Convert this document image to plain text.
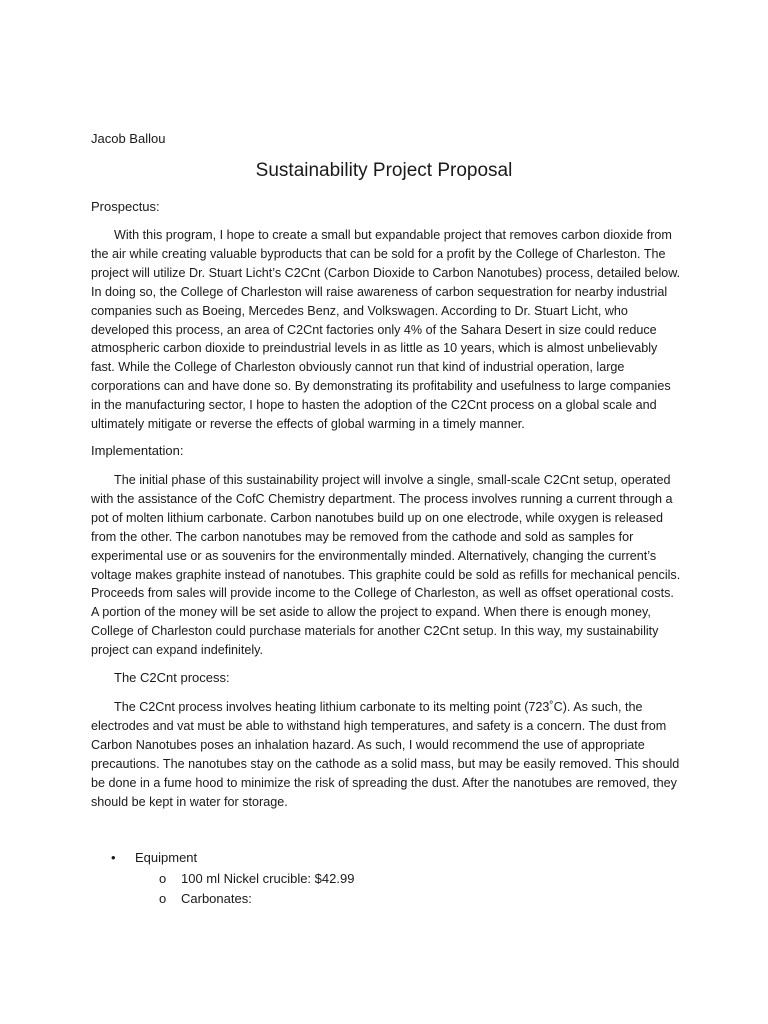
Jacob Ballou
Sustainability Project Proposal
Prospectus:
With this program, I hope to create a small but expandable project that removes carbon dioxide from the air while creating valuable byproducts that can be sold for a profit by the College of Charleston. The project will utilize Dr. Stuart Licht’s C2Cnt (Carbon Dioxide to Carbon Nanotubes) process, detailed below. In doing so, the College of Charleston will raise awareness of carbon sequestration for nearby industrial companies such as Boeing, Mercedes Benz, and Volkswagen. According to Dr. Stuart Licht, who developed this process, an area of C2Cnt factories only 4% of the Sahara Desert in size could reduce atmospheric carbon dioxide to preindustrial levels in as little as 10 years, which is almost unbelievably fast. While the College of Charleston obviously cannot run that kind of industrial operation, large corporations can and have done so. By demonstrating its profitability and usefulness to large companies in the manufacturing sector, I hope to hasten the adoption of the C2Cnt process on a global scale and ultimately mitigate or reverse the effects of global warming in a timely manner.
Implementation:
The initial phase of this sustainability project will involve a single, small-scale C2Cnt setup, operated with the assistance of the CofC Chemistry department. The process involves running a current through a pot of molten lithium carbonate. Carbon nanotubes build up on one electrode, while oxygen is released from the other. The carbon nanotubes may be removed from the cathode and sold as samples for experimental use or as souvenirs for the environmentally minded. Alternatively, changing the current’s voltage makes graphite instead of nanotubes. This graphite could be sold as refills for mechanical pencils. Proceeds from sales will provide income to the College of Charleston, as well as offset operational costs. A portion of the money will be set aside to allow the project to expand. When there is enough money, College of Charleston could purchase materials for another C2Cnt setup. In this way, my sustainability project can expand indefinitely.
The C2Cnt process:
The C2Cnt process involves heating lithium carbonate to its melting point (723˚C). As such, the electrodes and vat must be able to withstand high temperatures, and safety is a concern. The dust from Carbon Nanotubes poses an inhalation hazard. As such, I would recommend the use of appropriate precautions. The nanotubes stay on the cathode as a solid mass, but may be easily removed. This should be done in a fume hood to minimize the risk of spreading the dust. After the nanotubes are removed, they should be kept in water for storage.
• Equipment
o 100 ml Nickel crucible: $42.99
o Carbonates:
